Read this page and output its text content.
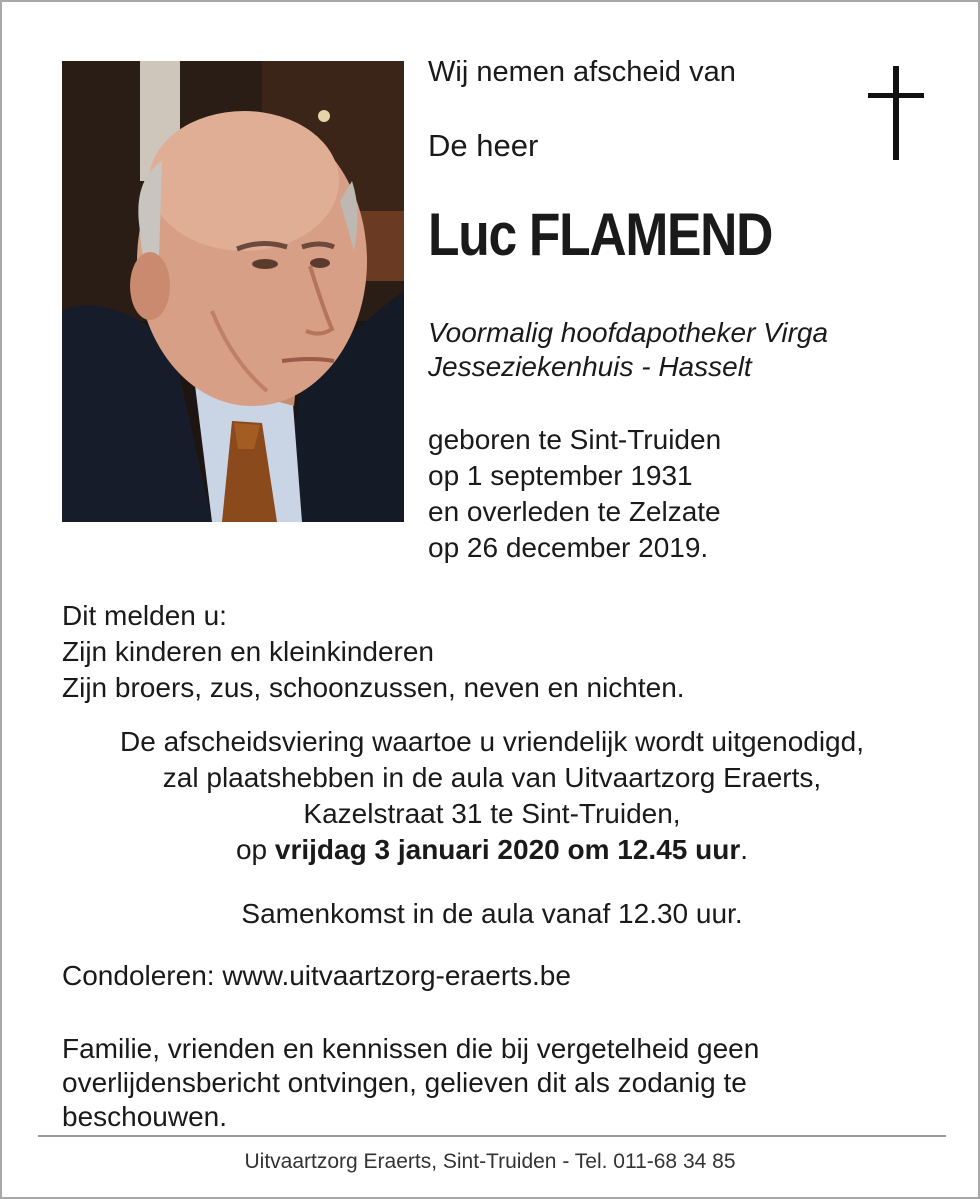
Wij nemen afscheid van
De heer
Luc FLAMEND
Voormalig hoofdapotheker Virga
Jesseziekenhuis - Hasselt
geboren te Sint-Truiden
op 1 september 1931
en overleden te Zelzate
op 26 december 2019.
Dit melden u:
Zijn kinderen en kleinkinderen
Zijn broers, zus, schoonzussen, neven en nichten.
De afscheidsviering waartoe u vriendelijk wordt uitgenodigd,
zal plaatshebben in de aula van Uitvaartzorg Eraerts,
Kazelstraat 31 te Sint-Truiden,
op vrijdag 3 januari 2020 om 12.45 uur.
Samenkomst in de aula vanaf 12.30 uur.
Condoleren: www.uitvaartzorg-eraerts.be
Familie, vrienden en kennissen die bij vergetelheid geen
overlijdensbericht ontvingen, gelieven dit als zodanig te
beschouwen.
Uitvaartzorg Eraerts, Sint-Truiden - Tel. 011-68 34 85
